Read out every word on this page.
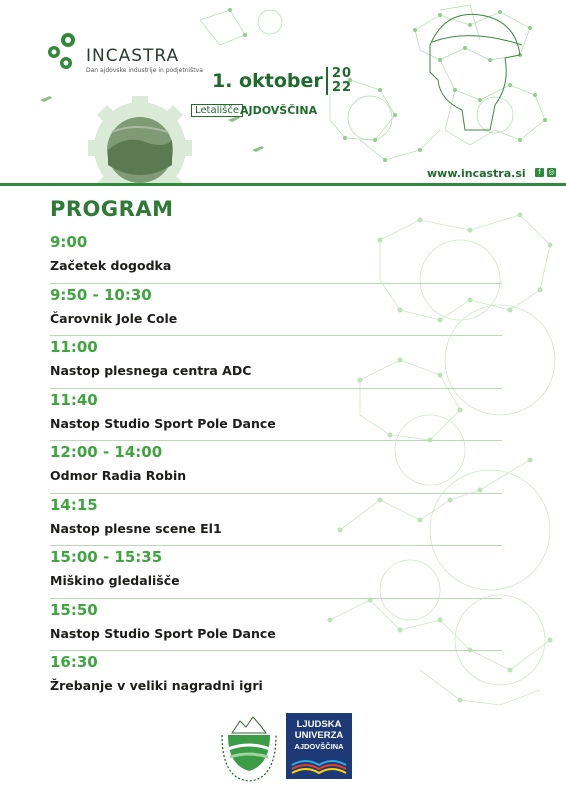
INCASTRA
Dan ajdovske industrije in podjetništva 1. oktober 20
22
Letališče AJDOVŠČINA
www.incastra.si	f	◎
PROGRAM
9:00
Začetek dogodka
9:50 - 10:30
Čarovnik Jole Cole
11:00
Nastop plesnega centra ADC
11:40
Nastop Studio Sport Pole Dance
12:00 - 14:00
Odmor Radia Robin
14:15
Nastop plesne scene El1
15:00 - 15:35
Miškino gledališče
15:50
Nastop Studio Sport Pole Dance
16:30
Žrebanje v veliki nagradni igri
LJUDSKA
UNIVERZA
AJDOVŠČINA
